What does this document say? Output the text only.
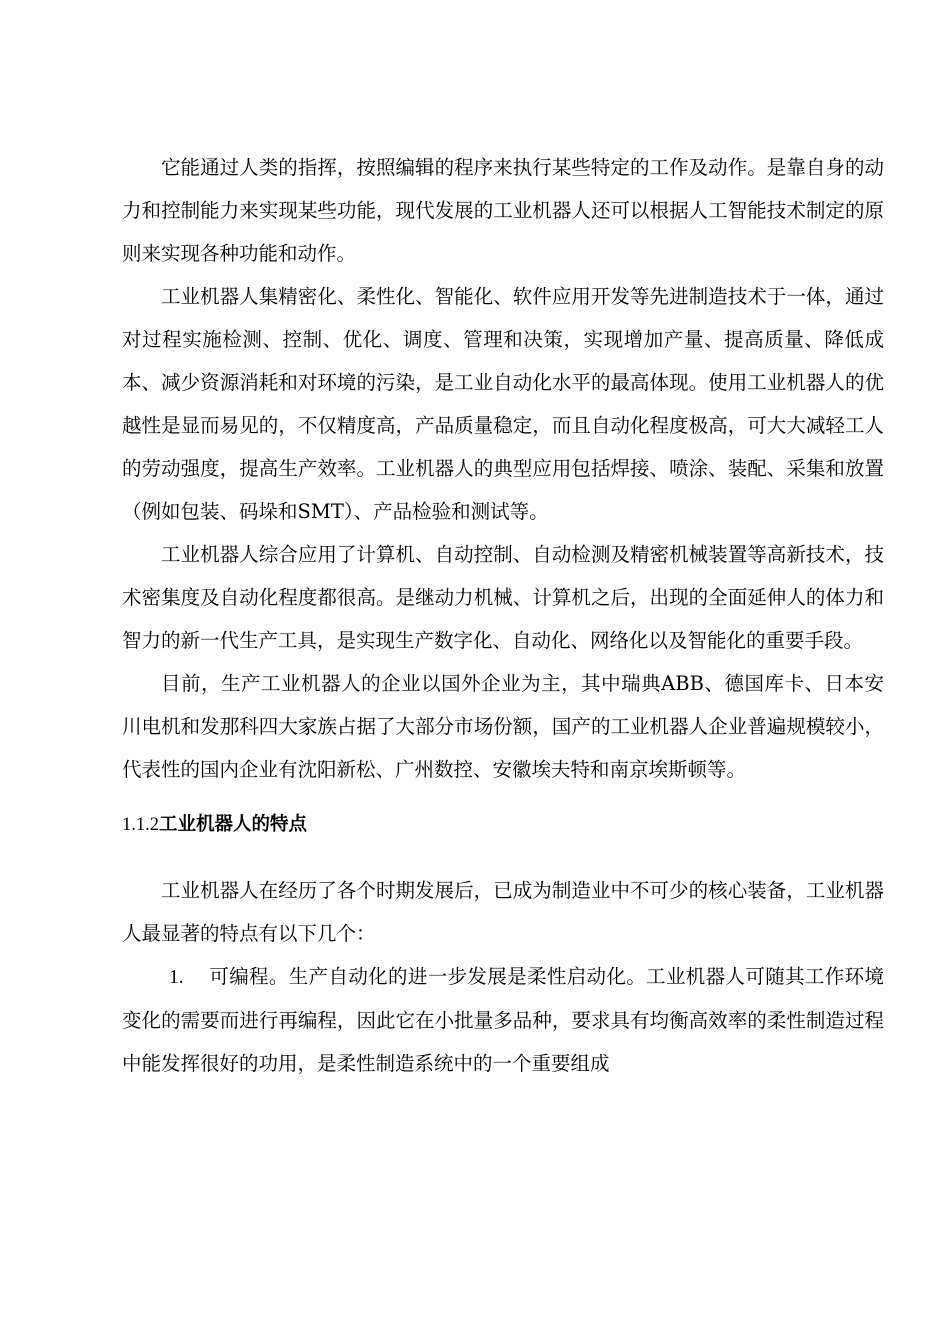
它能通过人类的指挥，按照编辑的程序来执行某些特定的工作及动作。是靠自身的动力和控制能力来实现某些功能，现代发展的工业机器人还可以根据人工智能技术制定的原则来实现各种功能和动作。

工业机器人集精密化、柔性化、智能化、软件应用开发等先进制造技术于一体，通过对过程实施检测、控制、优化、调度、管理和决策，实现增加产量、提高质量、降低成本、减少资源消耗和对环境的污染，是工业自动化水平的最高体现。使用工业机器人的优越性是显而易见的，不仅精度高，产品质量稳定，而且自动化程度极高，可大大减轻工人的劳动强度，提高生产效率。工业机器人的典型应用包括焊接、喷涂、装配、采集和放置（例如包装、码垛和SMT）、产品检验和测试等。

工业机器人综合应用了计算机、自动控制、自动检测及精密机械装置等高新技术，技术密集度及自动化程度都很高。是继动力机械、计算机之后，出现的全面延伸人的体力和智力的新一代生产工具，是实现生产数字化、自动化、网络化以及智能化的重要手段。

目前，生产工业机器人的企业以国外企业为主，其中瑞典ABB、德国库卡、日本安川电机和发那科四大家族占据了大部分市场份额，国产的工业机器人企业普遍规模较小，代表性的国内企业有沈阳新松、广州数控、安徽埃夫特和南京埃斯顿等。

1.1.2工业机器人的特点

工业机器人在经历了各个时期发展后，已成为制造业中不可少的核心装备，工业机器人最显著的特点有以下几个：

1. 可编程。生产自动化的进一步发展是柔性启动化。工业机器人可随其工作环境变化的需要而进行再编程，因此它在小批量多品种，要求具有均衡高效率的柔性制造过程中能发挥很好的功用，是柔性制造系统中的一个重要组成
